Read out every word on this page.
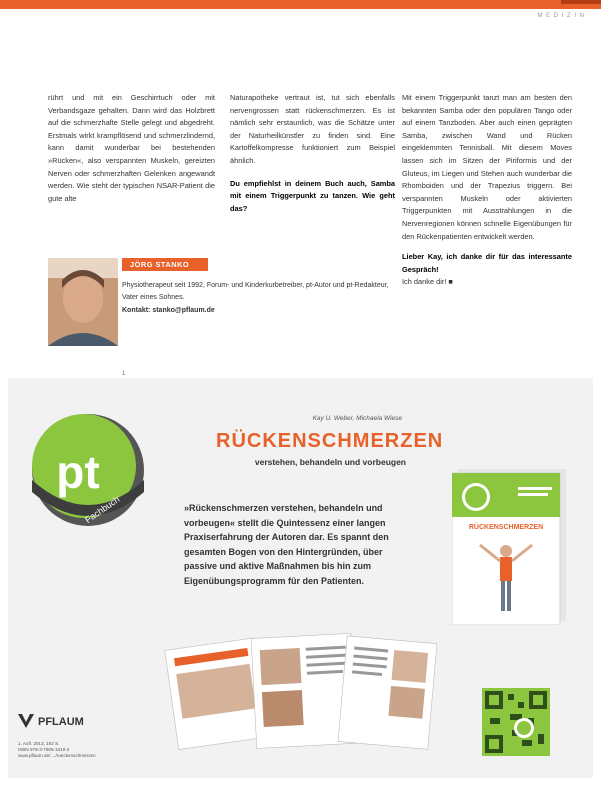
M E D I Z I N

rührt und mit ein Geschirrtuch oder mit Verbandsgaze gehalten. Dann wird das Holzbrett auf die schmerzhafte Stelle gelegt und abgedreht. Erstmals wirkt krampflösend und schmerzlindernd, kann damit wunderbar bei bestehenden »Rücken«, also verspannten Muskeln, gereizten Nerven oder schmerzhaften Gelenken angewandt werden. Wie steht der typischen NSAR-Patient die gute alte

Naturapotheke vertraut ist, tut sich ebenfalls nervengrossen statt rückenschmerzen. Es ist nämlich sehr erstaunlich, was die Schätze unter der Naturheilkünstler zu finden sind. Eine Kartoffelkompresse funktioniert zum Beispiel ähnlich.

Du empfiehlst in deinem Buch auch, Samba mit einem Triggerpunkt zu tanzen. Wie geht das?

Mit einem Triggerpunkt tanzt man am besten den bekannten Samba oder den populären Tango oder auf einem Tanzboden. Aber auch einen geprägten Samba, zwischen Wand und Rücken eingeklemmten Tennisball. Mit diesem Moves lassen sich im Sitzen der Piriformis und der Gluteus, im Liegen und Stehen auch wunderbar die Rhomboiden und der Trapezius triggern. Bei verspannten Muskeln oder aktivierten Triggerpunkten mit Ausstrahlungen in die Nervenregionen können schnelle Eigenübungen für den Rückenpatienten entwickelt werden.

Lieber Kay, ich danke dir für das interessante Gespräch!

Ich danke dir! ■

JÖRG STANKO
Physiotherapeut seit 1992, Forum- und Kinderkurbetreiber, pt-Autor und pt-Redakteur, Vater eines Sohnes.
Kontakt: stanko@pflaum.de
1
pt
Fachbuch
Kay U. Weber, Michaela Wiese
RÜCKENSCHMERZEN
verstehen, behandeln und vorbeugen
»Rückenschmerzen verstehen, behandeln und vorbeugen« stellt die Quintessenz einer langen Praxiserfahrung der Autoren dar. Es spannt den gesamten Bogen von den Hintergründen, über passive und aktive Maßnahmen bis hin zum Eigenübungsprogramm für den Patienten.
RÜCKENSCHMERZEN
PFLAUM
1. Aufl. 2013, 192 S.
ISBN 978-3-7905-1010-4
www.pflaum.de/..../rueckenschmerzen
